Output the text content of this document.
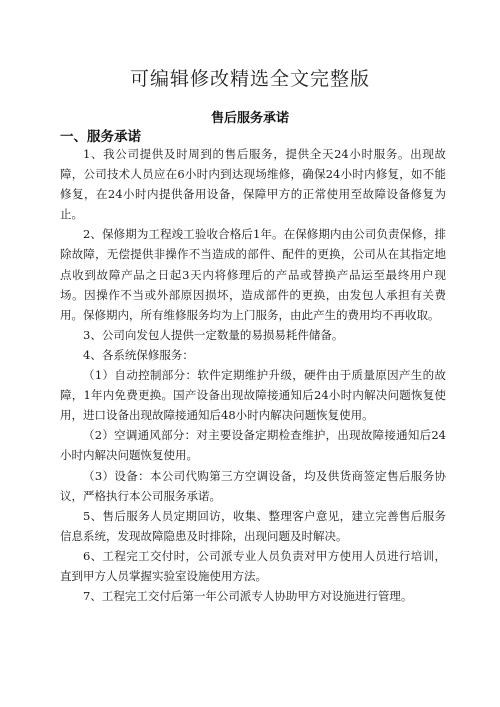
可编辑修改精选全文完整版
售后服务承诺
一、服务承诺

1、我公司提供及时周到的售后服务，提供全天24小时服务。出现故障，公司技术人员应在6小时内到达现场维修，确保24小时内修复，如不能修复，在24小时内提供备用设备，保障甲方的正常使用至故障设备修复为止。

2、保修期为工程竣工验收合格后1年。在保修期内由公司负责保修，排除故障，无偿提供非操作不当造成的部件、配件的更换，公司从在其指定地点收到故障产品之日起3天内将修理后的产品或替换产品运至最终用户现场。因操作不当或外部原因损坏，造成部件的更换，由发包人承担有关费用。保修期内，所有维修服务均为上门服务，由此产生的费用均不再收取。

3、公司向发包人提供一定数量的易损易耗件储备。

4、各系统保修服务：

（1）自动控制部分：软件定期维护升级，硬件由于质量原因产生的故障，1年内免费更换。国产设备出现故障接通知后24小时内解决问题恢复使用，进口设备出现故障接通知后48小时内解决问题恢复使用。

（2）空调通风部分：对主要设备定期检查维护，出现故障接通知后24小时内解决问题恢复使用。

（3）设备：本公司代购第三方空调设备，均及供货商签定售后服务协议，严格执行本公司服务承诺。

5、售后服务人员定期回访，收集、整理客户意见，建立完善售后服务信息系统，发现故障隐患及时排除，出现问题及时解决。

6、工程完工交付时，公司派专业人员负责对甲方使用人员进行培训，直到甲方人员掌握实验室设施使用方法。

7、工程完工交付后第一年公司派专人协助甲方对设施进行管理。
